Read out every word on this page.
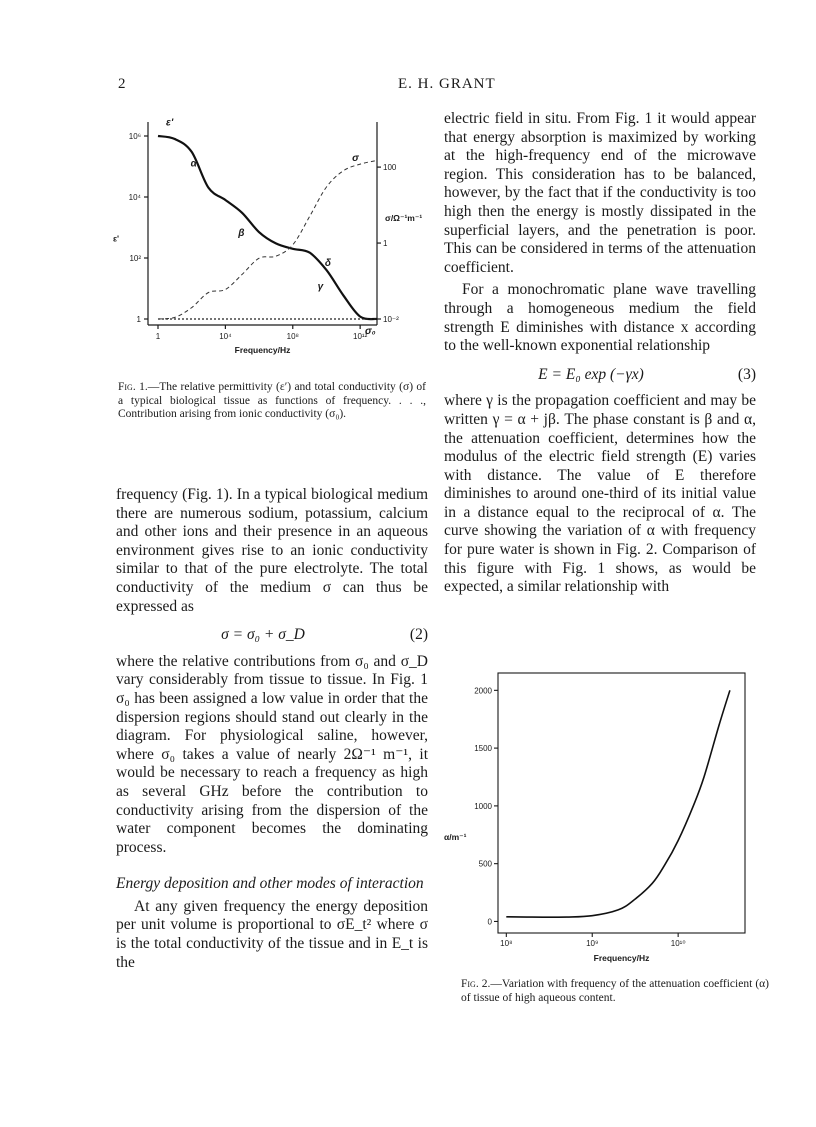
2	E. H. GRANT
1	10⁴	10⁸	10¹²
1
10²
10⁴
10⁶
10⁻²
1
100
Frequency/Hz
ε'
σ/Ω⁻¹m⁻¹
ε'
σ
α
β
δ
γ
σ₀
Fig. 1.—The relative permittivity (ε′) and total conductivity (σ) of a typical biological tissue as functions of frequency. . . ., Contribution arising from ionic conductivity (σ₀).

frequency (Fig. 1). In a typical biological medium there are numerous sodium, potassium, calcium and other ions and their presence in an aqueous environment gives rise to an ionic conductivity similar to that of the pure electrolyte. The total conductivity of the medium σ can thus be expressed as

σ = σ₀ + σ_D	(2)

where the relative contributions from σ₀ and σ_D vary considerably from tissue to tissue. In Fig. 1 σ₀ has been assigned a low value in order that the dispersion regions should stand out clearly in the diagram. For physiological saline, however, where σ₀ takes a value of nearly 2Ω⁻¹ m⁻¹, it would be necessary to reach a frequency as high as several GHz before the contribution to conductivity arising from the dispersion of the water component becomes the dominating process.

Energy deposition and other modes of interaction

At any given frequency the energy deposition per unit volume is proportional to σE_t² where σ is the total conductivity of the tissue and in E_t is the

electric field in situ. From Fig. 1 it would appear that energy absorption is maximized by working at the high-frequency end of the microwave region. This consideration has to be balanced, however, by the fact that if the conductivity is too high then the energy is mostly dissipated in the superficial layers, and the penetration is poor. This can be considered in terms of the attenuation coefficient.

For a monochromatic plane wave travelling through a homogeneous medium the field strength E diminishes with distance x according to the well-known exponential relationship

E = E₀ exp (−γx)	(3)

where γ is the propagation coefficient and may be written γ = α + jβ. The phase constant is β and α, the attenuation coefficient, determines how the modulus of the electric field strength (E) varies with distance. The value of E therefore diminishes to around one-third of its initial value in a distance equal to the reciprocal of α. The curve showing the variation of α with frequency for pure water is shown in Fig. 2. Comparison of this figure with Fig. 1 shows, as would be expected, a similar relationship with

0
500
1000
1500
2000
10⁸	10⁹	10¹⁰
Frequency/Hz
α/m⁻¹
Fig. 2.—Variation with frequency of the attenuation coefficient (α) of tissue of high aqueous content.
